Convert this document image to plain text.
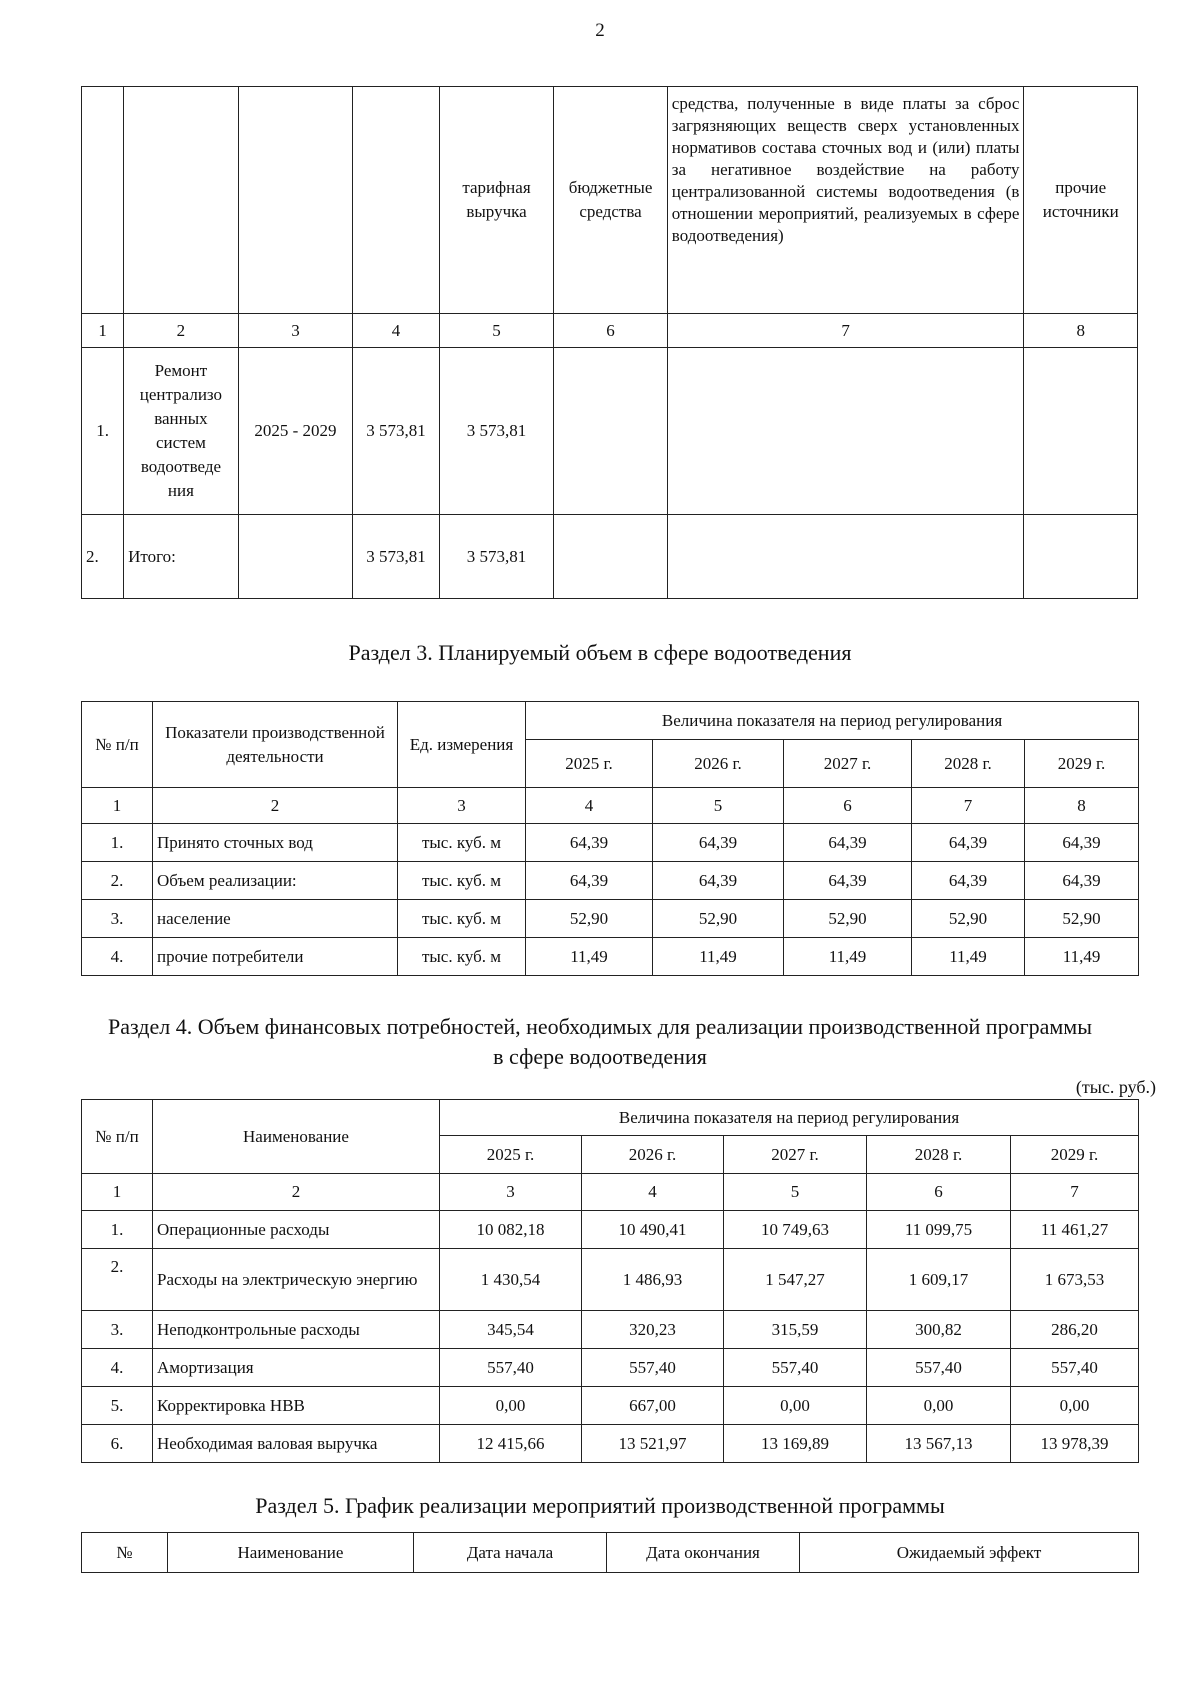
2
				тарифная выручка	бюджетные средства	средства, полученные в виде платы за сброс загрязняющих веществ сверх установленных нормативов состава сточных вод и (или) платы за негативное воздействие на работу централизованной системы водоотведения (в отношении мероприятий, реализуемых в сфере водоотведения)	прочие источники
1	2	3	4	5	6	7	8
1.	Ремонт централизо ванных систем водоотведе ния	2025 - 2029	3 573,81	3 573,81			
2.	Итого:		3 573,81	3 573,81			
Раздел 3. Планируемый объем в сфере водоотведения
№ п/п	Показатели производственной деятельности	Ед. измерения	Величина показателя на период регулирования				
			2025 г.	2026 г.	2027 г.	2028 г.	2029 г.
1	2	3	4	5	6	7	8
1.	Принято сточных вод	тыс. куб. м	64,39	64,39	64,39	64,39	64,39
2.	Объем реализации:	тыс. куб. м	64,39	64,39	64,39	64,39	64,39
3.	население	тыс. куб. м	52,90	52,90	52,90	52,90	52,90
4.	прочие потребители	тыс. куб. м	11,49	11,49	11,49	11,49	11,49
Раздел 4. Объем финансовых потребностей, необходимых для реализации производственной программы
в сфере водоотведения
(тыс. руб.)
№ п/п	Наименование	Величина показателя на период регулирования				
		2025 г.	2026 г.	2027 г.	2028 г.	2029 г.
1	2	3	4	5	6	7
1.	Операционные расходы	10 082,18	10 490,41	10 749,63	11 099,75	11 461,27
2.	Расходы на электрическую энергию	1 430,54	1 486,93	1 547,27	1 609,17	1 673,53
3.	Неподконтрольные расходы	345,54	320,23	315,59	300,82	286,20
4.	Амортизация	557,40	557,40	557,40	557,40	557,40
5.	Корректировка НВВ	0,00	667,00	0,00	0,00	0,00
6.	Необходимая валовая выручка	12 415,66	13 521,97	13 169,89	13 567,13	13 978,39
Раздел 5. График реализации мероприятий производственной программы
№	Наименование	Дата начала	Дата окончания	Ожидаемый эффект
